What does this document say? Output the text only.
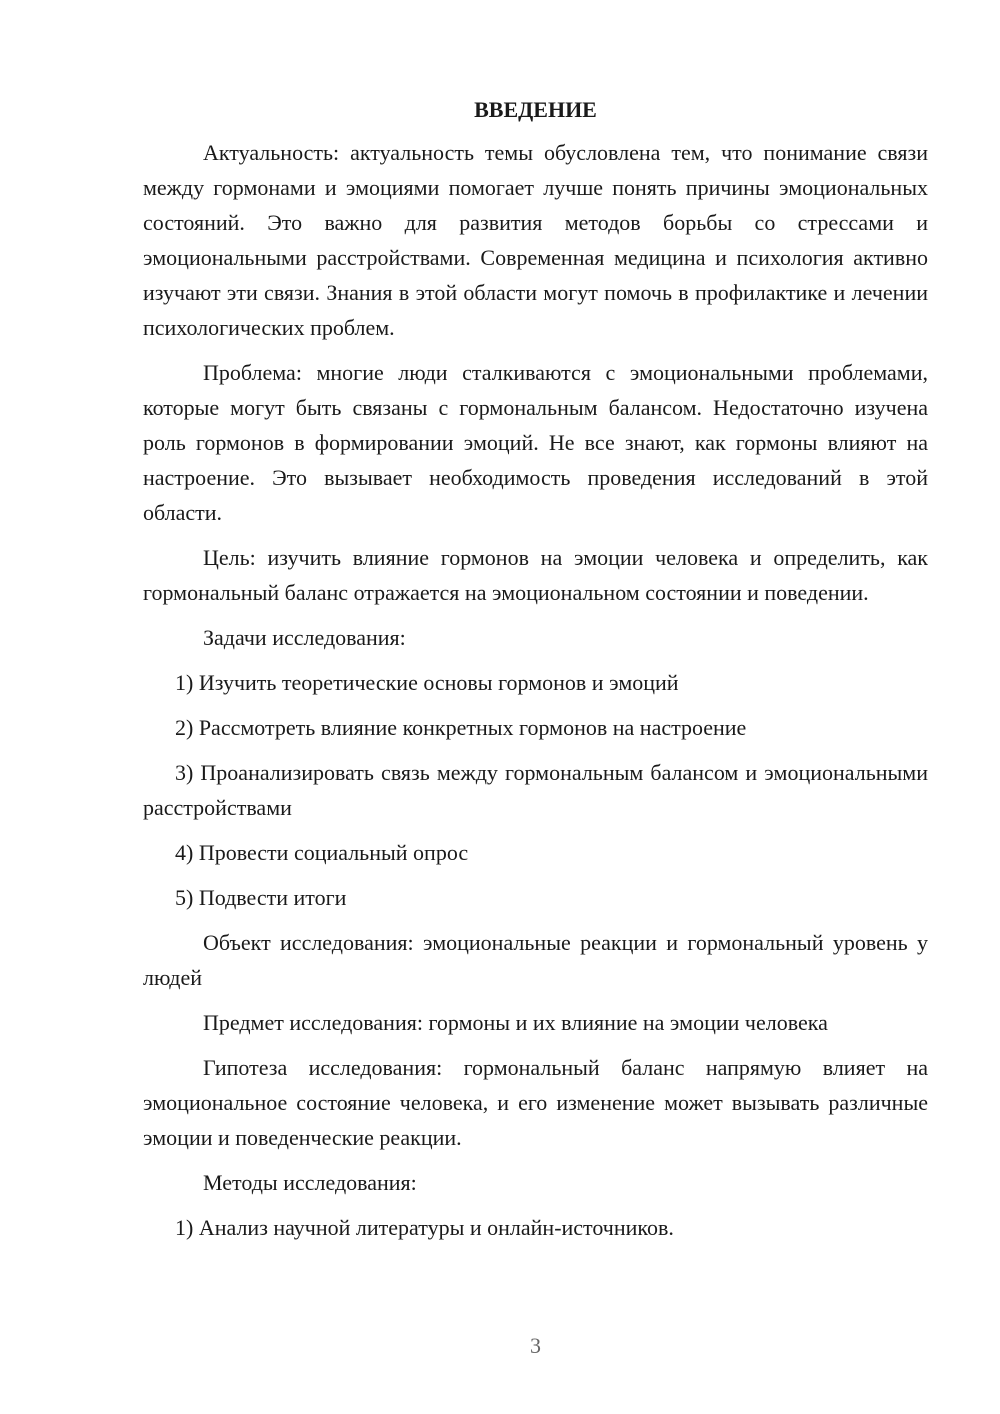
ВВЕДЕНИЕ

Актуальность: актуальность темы обусловлена тем, что понимание связи между гормонами и эмоциями помогает лучше понять причины эмоциональных состояний. Это важно для развития методов борьбы со стрессами и эмоциональными расстройствами. Современная медицина и психология активно изучают эти связи. Знания в этой области могут помочь в профилактике и лечении психологических проблем.

Проблема: многие люди сталкиваются с эмоциональными проблемами, которые могут быть связаны с гормональным балансом. Недостаточно изучена роль гормонов в формировании эмоций. Не все знают, как гормоны влияют на настроение. Это вызывает необходимость проведения исследований в этой области.

Цель: изучить влияние гормонов на эмоции человека и определить, как гормональный баланс отражается на эмоциональном состоянии и поведении.

Задачи исследования:

1) Изучить теоретические основы гормонов и эмоций

2) Рассмотреть влияние конкретных гормонов на настроение

3) Проанализировать связь между гормональным балансом и эмоциональными расстройствами

4) Провести социальный опрос

5) Подвести итоги

Объект исследования: эмоциональные реакции и гормональный уровень у людей

Предмет исследования: гормоны и их влияние на эмоции человека

Гипотеза исследования: гормональный баланс напрямую влияет на эмоциональное состояние человека, и его изменение может вызывать различные эмоции и поведенческие реакции.

Методы исследования:

1) Анализ научной литературы и онлайн-источников.

3
